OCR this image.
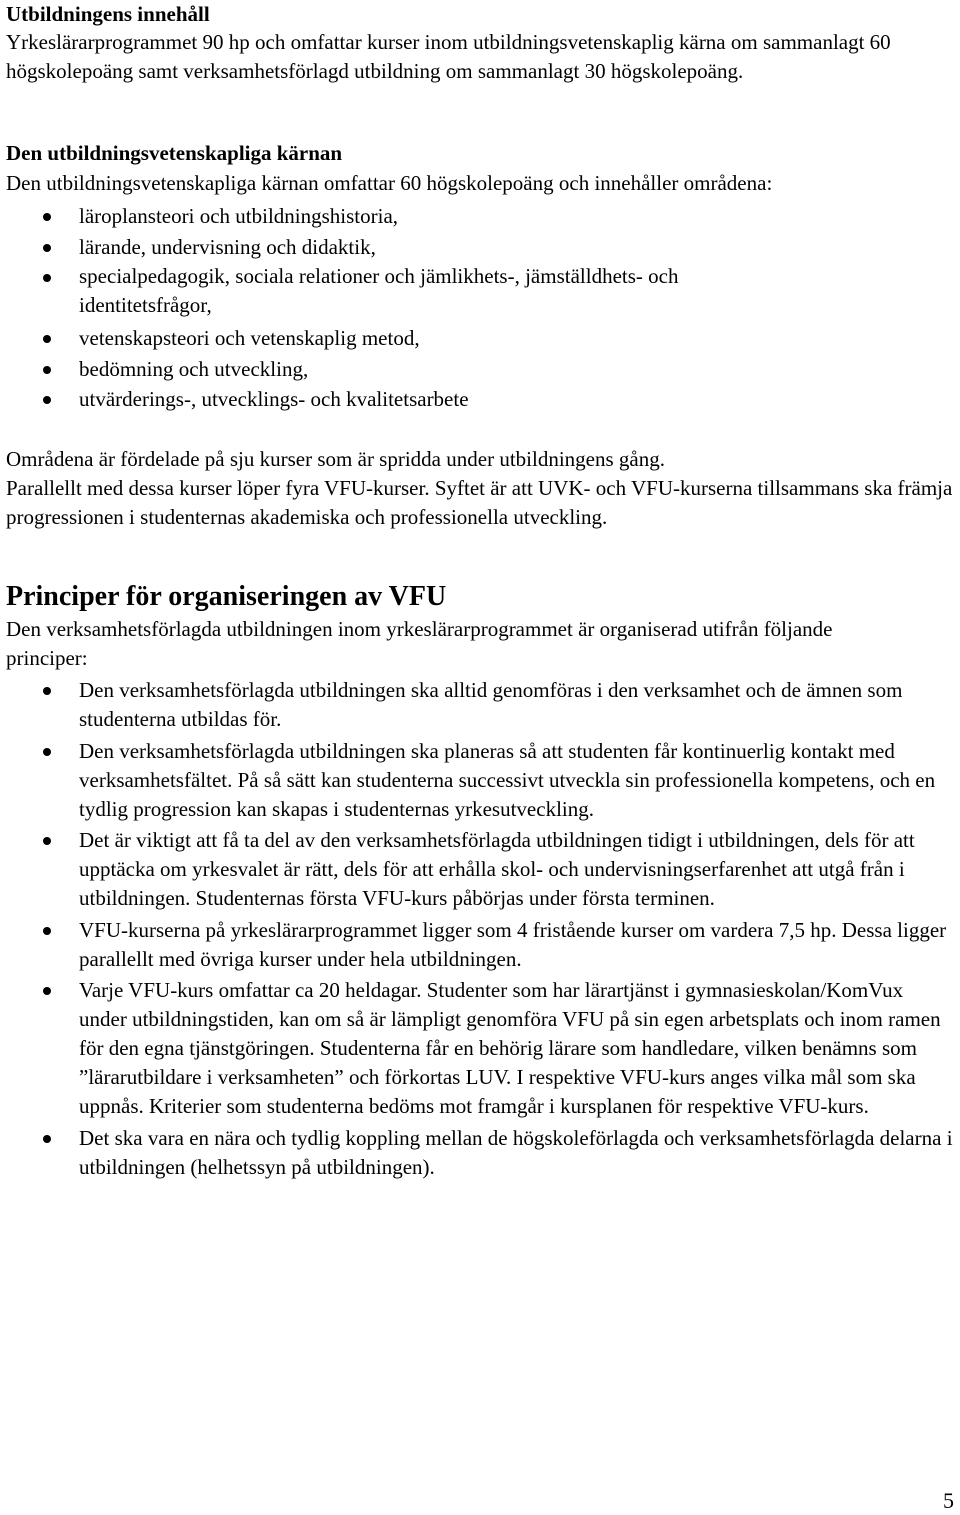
Utbildningens innehåll

Yrkeslärarprogrammet 90 hp och omfattar kurser inom utbildningsvetenskaplig kärna om sammanlagt 60 högskolepoäng samt verksamhetsförlagd utbildning om sammanlagt 30 högskolepoäng.

Den utbildningsvetenskapliga kärnan

Den utbildningsvetenskapliga kärnan omfattar 60 högskolepoäng och innehåller områdena:

läroplansteori och utbildningshistoria,
lärande, undervisning och didaktik,
specialpedagogik, sociala relationer och jämlikhets-, jämställdhets- och identitetsfrågor,
vetenskapsteori och vetenskaplig metod,
bedömning och utveckling,
utvärderings-, utvecklings- och kvalitetsarbete

Områdena är fördelade på sju kurser som är spridda under utbildningens gång.

Parallellt med dessa kurser löper fyra VFU-kurser. Syftet är att UVK- och VFU-kurserna tillsammans ska främja progressionen i studenternas akademiska och professionella utveckling.

Principer för organiseringen av VFU

Den verksamhetsförlagda utbildningen inom yrkeslärarprogrammet är organiserad utifrån följande principer:

Den verksamhetsförlagda utbildningen ska alltid genomföras i den verksamhet och de ämnen som studenterna utbildas för.
Den verksamhetsförlagda utbildningen ska planeras så att studenten får kontinuerlig kontakt med verksamhetsfältet. På så sätt kan studenterna successivt utveckla sin professionella kompetens, och en tydlig progression kan skapas i studenternas yrkesutveckling.
Det är viktigt att få ta del av den verksamhetsförlagda utbildningen tidigt i utbildningen, dels för att upptäcka om yrkesvalet är rätt, dels för att erhålla skol- och undervisningserfarenhet att utgå från i utbildningen. Studenternas första VFU-kurs påbörjas under första terminen.
VFU-kurserna på yrkeslärarprogrammet ligger som 4 fristående kurser om vardera 7,5 hp. Dessa ligger parallellt med övriga kurser under hela utbildningen.
Varje VFU-kurs omfattar ca 20 heldagar. Studenter som har lärartjänst i gymnasieskolan/KomVux under utbildningstiden, kan om så är lämpligt genomföra VFU på sin egen arbetsplats och inom ramen för den egna tjänstgöringen. Studenterna får en behörig lärare som handledare, vilken benämns som ”lärarutbildare i verksamheten” och förkortas LUV. I respektive VFU-kurs anges vilka mål som ska uppnås. Kriterier som studenterna bedöms mot framgår i kursplanen för respektive VFU-kurs.
Det ska vara en nära och tydlig koppling mellan de högskoleförlagda och verksamhetsförlagda delarna i utbildningen (helhetssyn på utbildningen).
5
